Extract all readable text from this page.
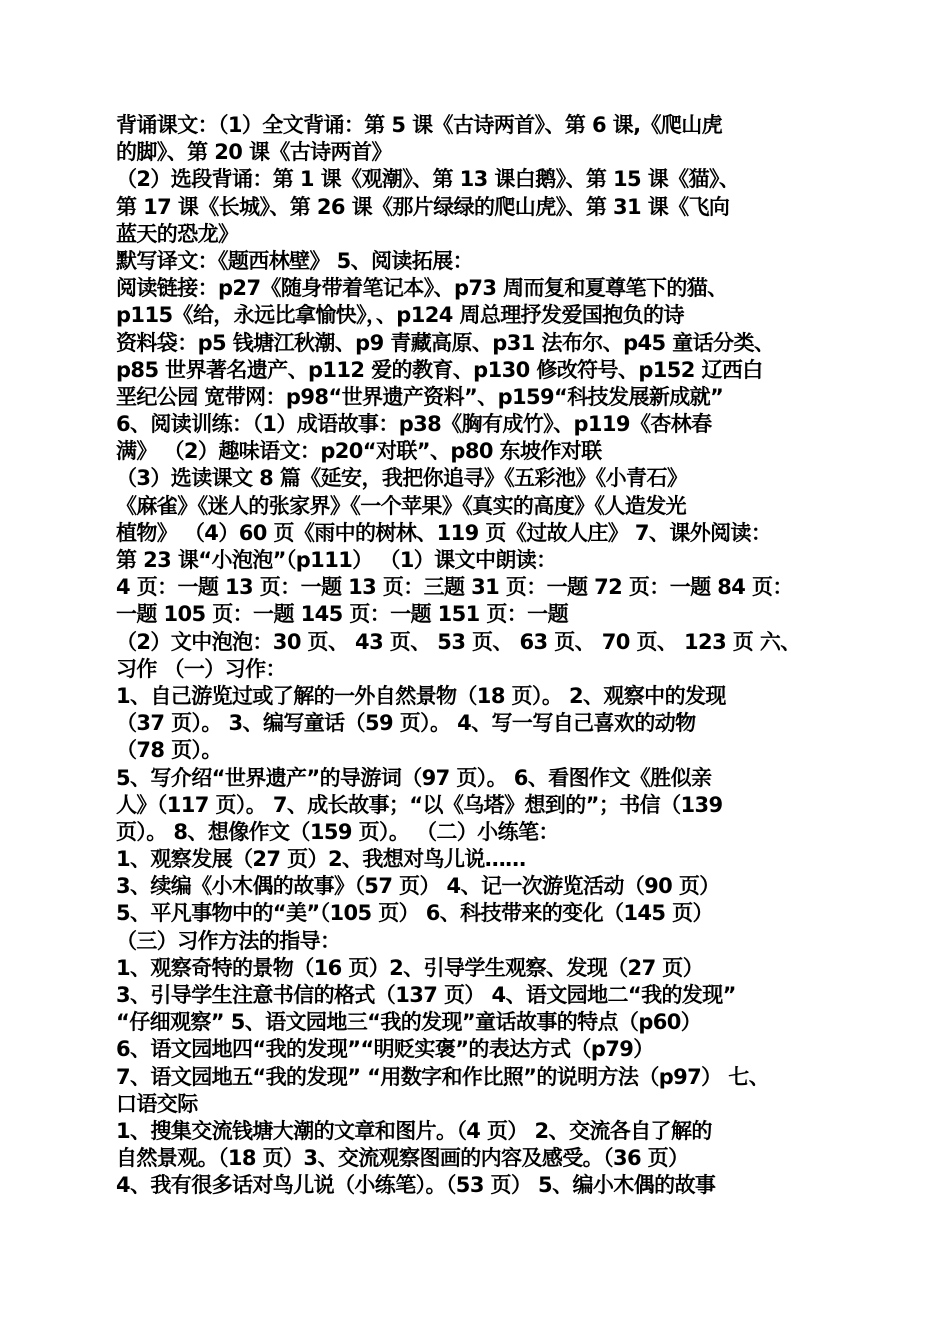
背诵课文：（1）全文背诵：第 5 课《古诗两首》、第 6 课,《爬山虎
的脚》、第 20 课《古诗两首》
（2）选段背诵：第 1 课《观潮》、第 13 课白鹅》、第 15 课《猫》、
第 17 课《长城》、第 26 课《那片绿绿的爬山虎》、第 31 课《飞向
蓝天的恐龙》
默写译文：《题西林壁》 5、阅读拓展：
阅读链接：p27《随身带着笔记本》、p73 周而复和夏尊笔下的猫、
p115《给，永远比拿愉快》，、p124 周总理抒发爱国抱负的诗
资料袋：p5 钱塘江秋潮、p9 青藏高原、p31 法布尔、p45 童话分类、
p85 世界著名遗产、p112 爱的教育、p130 修改符号、p152 辽西白
垩纪公园 宽带网：p98“世界遗产资料”、p159“科技发展新成就”
6、阅读训练：（1）成语故事：p38《胸有成竹》、p119《杏林春
满》 （2）趣味语文：p20“对联”、p80 东坡作对联
（3）选读课文 8 篇《延安，我把你追寻》《五彩池》《小青石》
《麻雀》《迷人的张家界》《一个苹果》《真实的高度》《人造发光
植物》 （4）60 页《雨中的树林、119 页《过故人庄》 7、课外阅读：
第 23 课“小泡泡”（p111） （1）课文中朗读：
4 页：一题 13 页：一题 13 页：三题 31 页：一题 72 页：一题 84 页：
一题 105 页：一题 145 页：一题 151 页：一题
（2）文中泡泡：30 页、 43 页、 53 页、 63 页、 70 页、 123 页 六、
习作 （一）习作：
1、自己游览过或了解的一外自然景物（18 页）。 2、观察中的发现
（37 页）。 3、编写童话（59 页）。 4、写一写自己喜欢的动物
（78 页）。
5、写介绍“世界遗产”的导游词（97 页）。 6、看图作文《胜似亲
人》（117 页）。 7、成长故事；“以《乌塔》想到的”；书信（139
页）。 8、想像作文（159 页）。 （二）小练笔：
1、观察发展（27 页）2、我想对鸟儿说……
3、续编《小木偶的故事》（57 页） 4、记一次游览活动（90 页）
5、平凡事物中的“美”（105 页） 6、科技带来的变化（145 页）
（三）习作方法的指导：
1、观察奇特的景物（16 页）2、引导学生观察、发现（27 页）
3、引导学生注意书信的格式（137 页） 4、语文园地二“我的发现”
“仔细观察” 5、语文园地三“我的发现”童话故事的特点（p60）
6、语文园地四“我的发现”“明贬实褒”的表达方式（p79）
7、语文园地五“我的发现” “用数字和作比照”的说明方法（p97） 七、
口语交际
1、搜集交流钱塘大潮的文章和图片。（4 页） 2、交流各自了解的
自然景观。（18 页）3、交流观察图画的内容及感受。（36 页）
4、我有很多话对鸟儿说（小练笔）。（53 页） 5、编小木偶的故事
